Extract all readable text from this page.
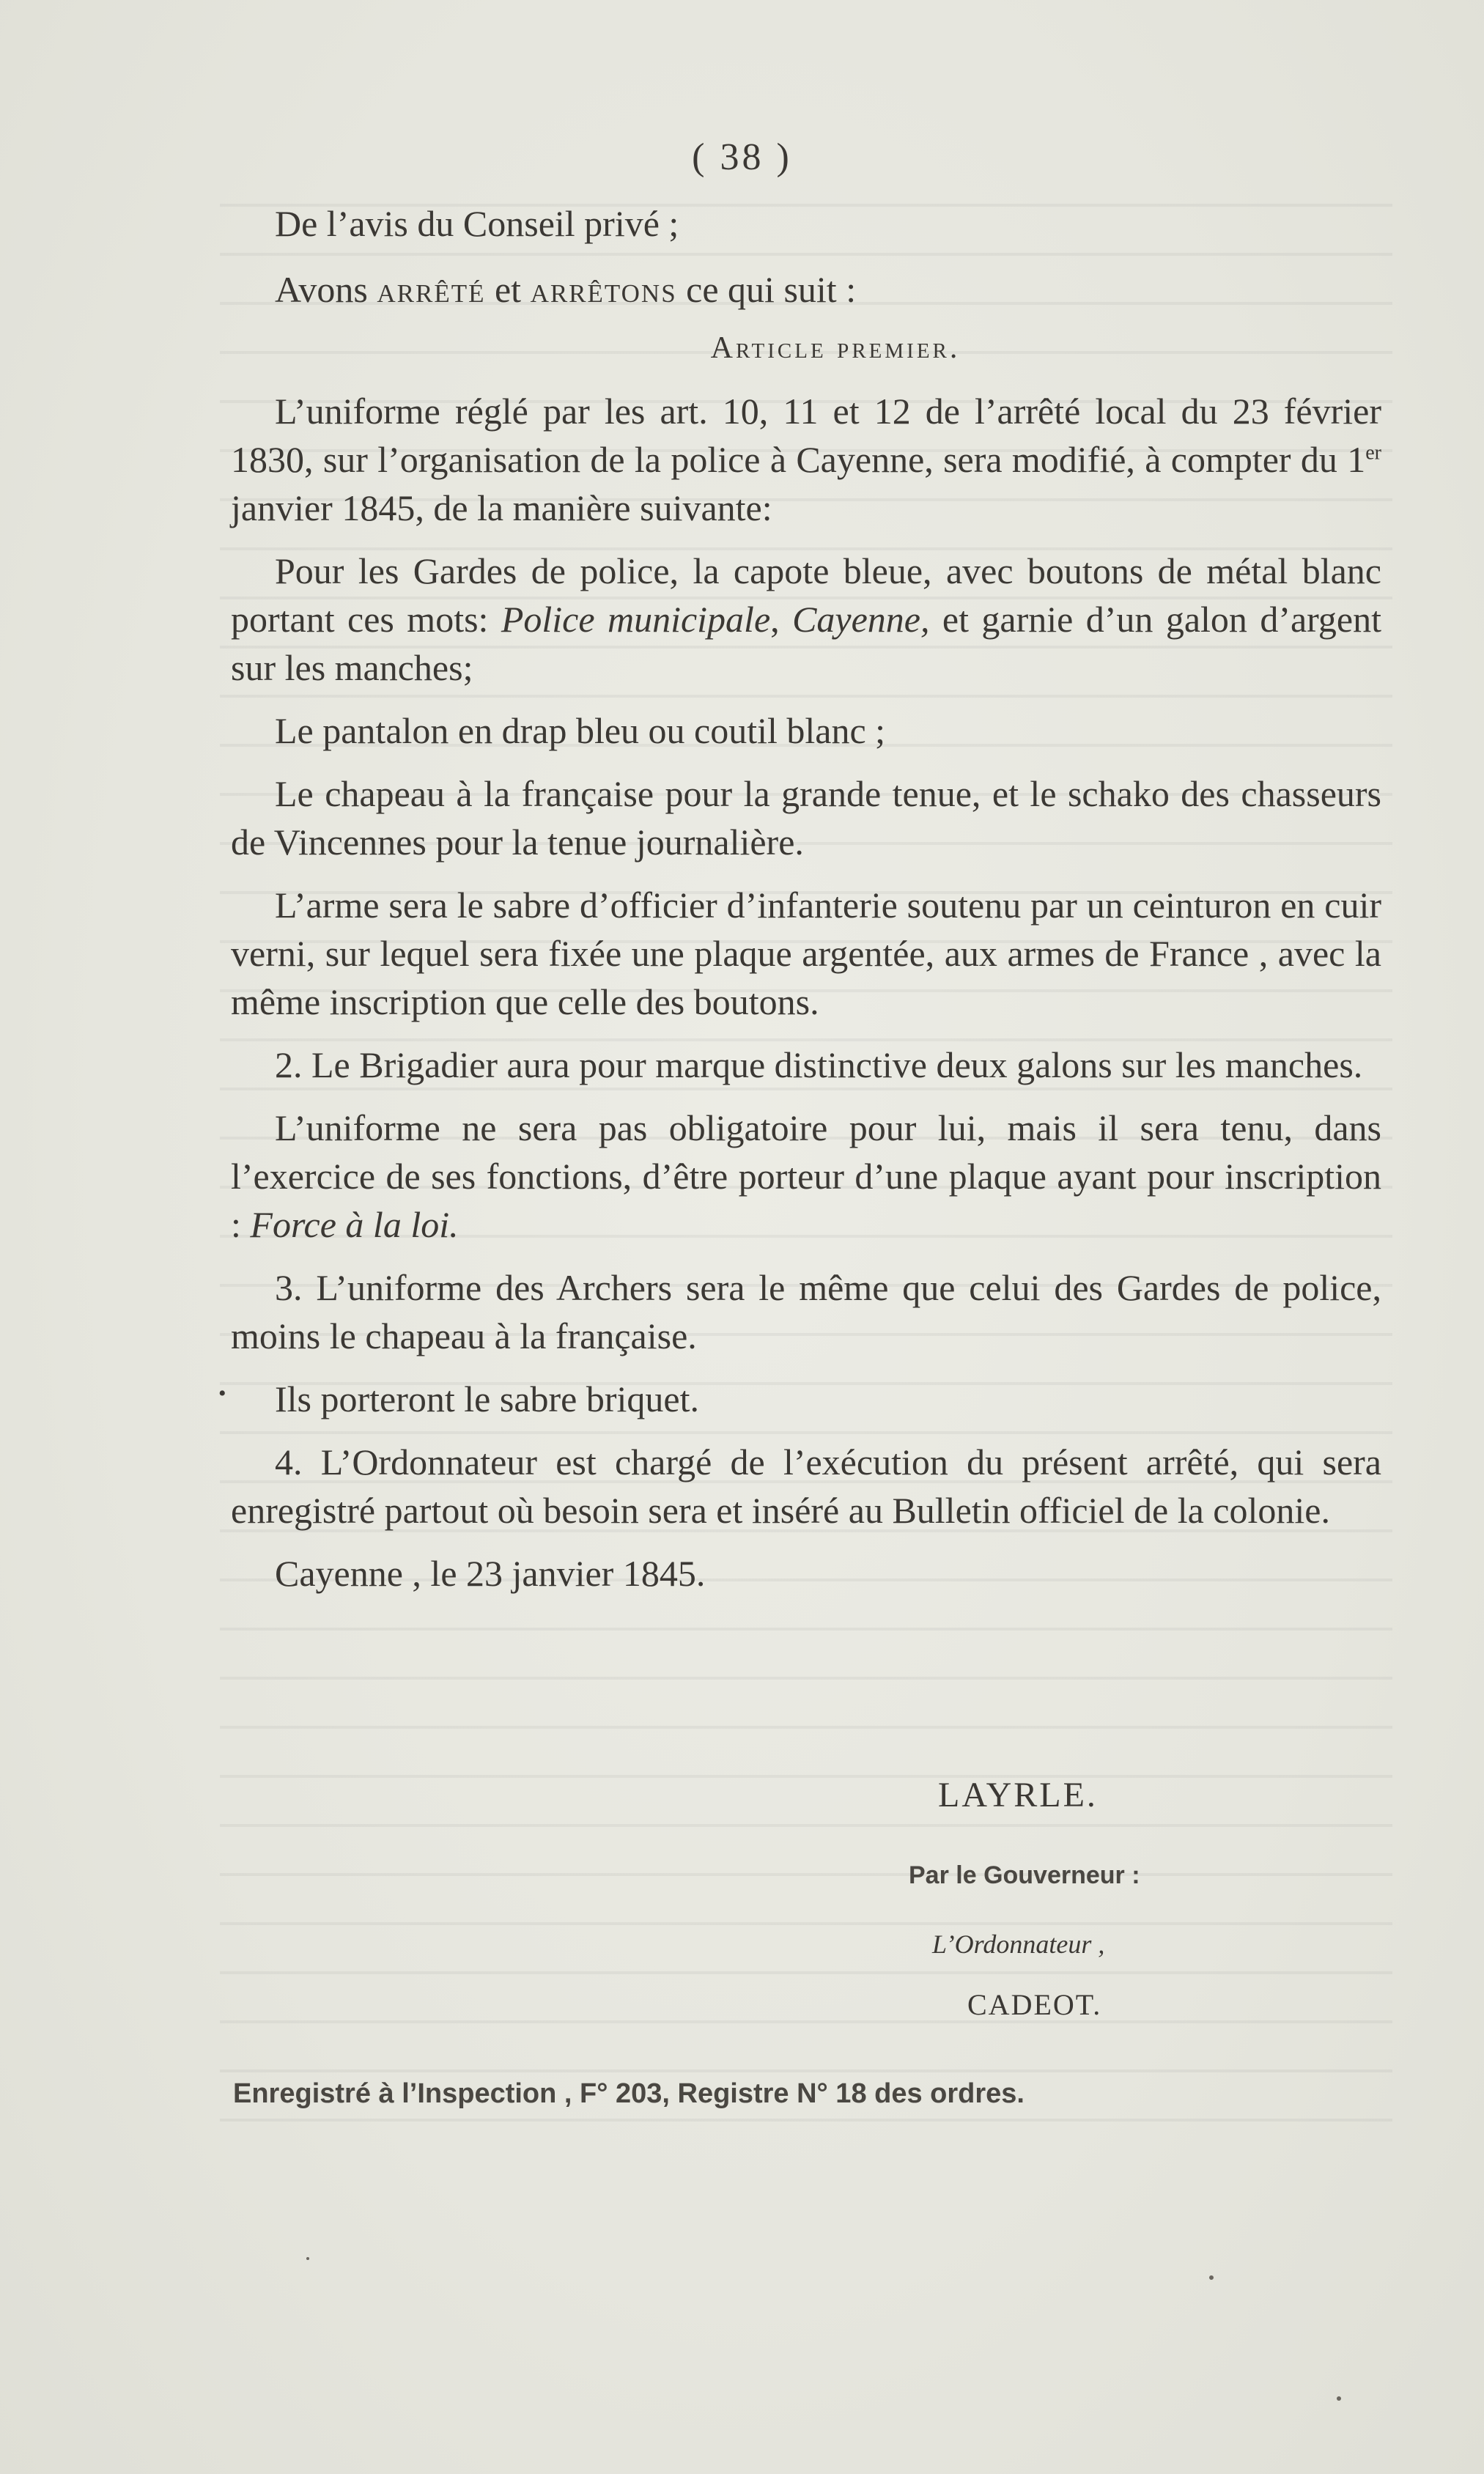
( 38 )

De l’avis du Conseil privé ;

Avons arrêté et arrêtons ce qui suit :

Article premier.

L’uniforme réglé par les art. 10, 11 et 12 de l’arrêté local du 23 février 1830, sur l’organisation de la police à Cayenne, sera modifié, à compter du 1er janvier 1845, de la manière suivante:

Pour les Gardes de police, la capote bleue, avec boutons de métal blanc portant ces mots: Police municipale, Cayenne, et garnie d’un galon d’argent sur les manches;

Le pantalon en drap bleu ou coutil blanc ;

Le chapeau à la française pour la grande tenue, et le schako des chasseurs de Vincennes pour la tenue journalière.

L’arme sera le sabre d’officier d’infanterie soutenu par un ceinturon en cuir verni, sur lequel sera fixée une plaque argentée, aux armes de France , avec la même inscription que celle des boutons.

2. Le Brigadier aura pour marque distinctive deux galons sur les manches.

L’uniforme ne sera pas obligatoire pour lui, mais il sera tenu, dans l’exercice de ses fonctions, d’être porteur d’une plaque ayant pour inscription : Force à la loi.

3. L’uniforme des Archers sera le même que celui des Gardes de police, moins le chapeau à la française.

Ils porteront le sabre briquet.

4. L’Ordonnateur est chargé de l’exécution du présent arrêté, qui sera enregistré partout où besoin sera et inséré au Bulletin officiel de la colonie.

Cayenne , le 23 janvier 1845.

•
LAYRLE.
Par le Gouverneur :
L’Ordonnateur ,
CADEOT.
Enregistré à l’Inspection , F° 203, Registre N° 18 des ordres.
